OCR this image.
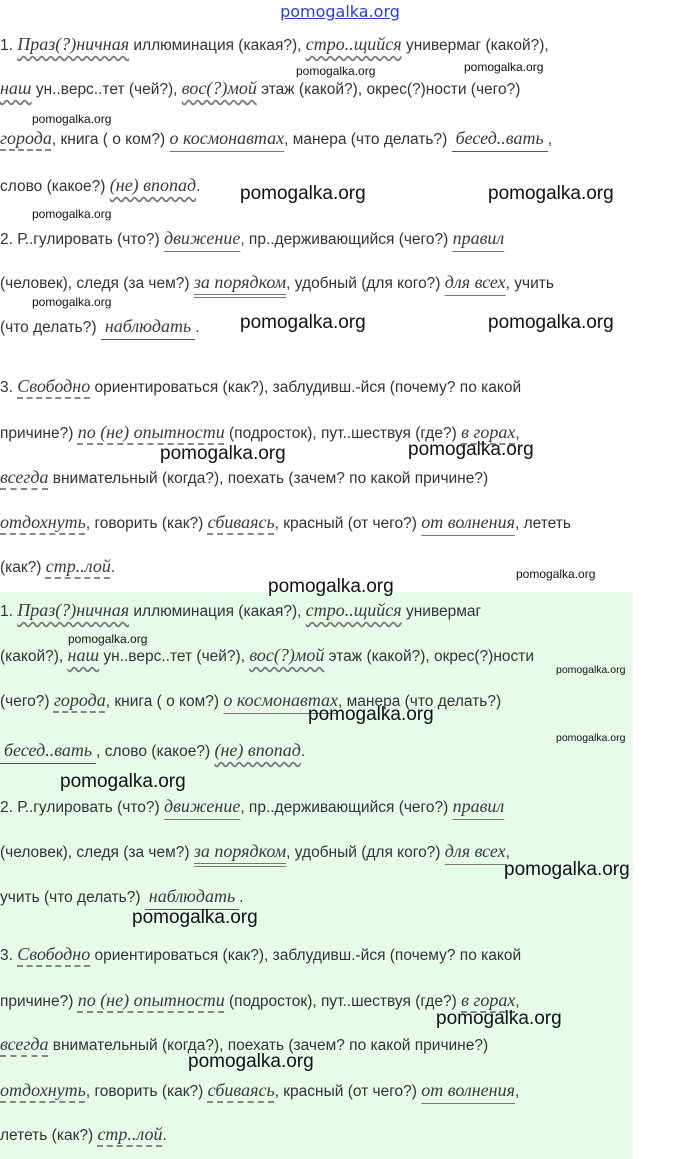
pomogalka.org
1. Праз(?)ничная иллюминация (какая?), стро..щийся универмаг (какой?),
наш ун..верс..тет (чей?), вос(?)мой этаж (какой?), окрес(?)ности (чего?)
города, книга ( о ком?) о космонавтах, манера (что делать?) бесед..вать ,
слово (какое?) (не) впопад.
2. Р..гулировать (что?) движение, пр..держивающийся (чего?) правил
(человек), следя (за чем?) за порядком, удобный (для кого?) для всех, учить
(что делать?) наблюдать .
3. Свободно ориентироваться (как?), заблудивш.-йся (почему? по какой
причине?) по (не) опытности (подросток), пут..шествуя (где?) в горах,
всегда внимательный (когда?), поехать (зачем? по какой причине?)
отдохнуть, говорить (как?) сбиваясь, красный (от чего?) от волнения, лететь
(как?) стр..лой.
1. Праз(?)ничная иллюминация (какая?), стро..щийся универмаг
(какой?), наш ун..верс..тет (чей?), вос(?)мой этаж (какой?), окрес(?)ности
(чего?) города, книга ( о ком?) о космонавтах, манера (что делать?)
бесед..вать , слово (какое?) (не) впопад.
2. Р..гулировать (что?) движение, пр..держивающийся (чего?) правил
(человек), следя (за чем?) за порядком, удобный (для кого?) для всех,
учить (что делать?) наблюдать .
3. Свободно ориентироваться (как?), заблудивш.-йся (почему? по какой
причине?) по (не) опытности (подросток), пут..шествуя (где?) в горах,
всегда внимательный (когда?), поехать (зачем? по какой причине?)
отдохнуть, говорить (как?) сбиваясь, красный (от чего?) от волнения,
лететь (как?) стр..лой.
pomogalka.org	pomogalka.org
pomogalka.org
pomogalka.org	pomogalka.org
pomogalka.org
pomogalka.org
pomogalka.org	pomogalka.org
pomogalka.org	pomogalka.org
pomogalka.org
pomogalka.org
pomogalka.org
pomogalka.org
pomogalka.org
pomogalka.org
pomogalka.org
pomogalka.org
pomogalka.org
pomogalka.org
pomogalka.org
